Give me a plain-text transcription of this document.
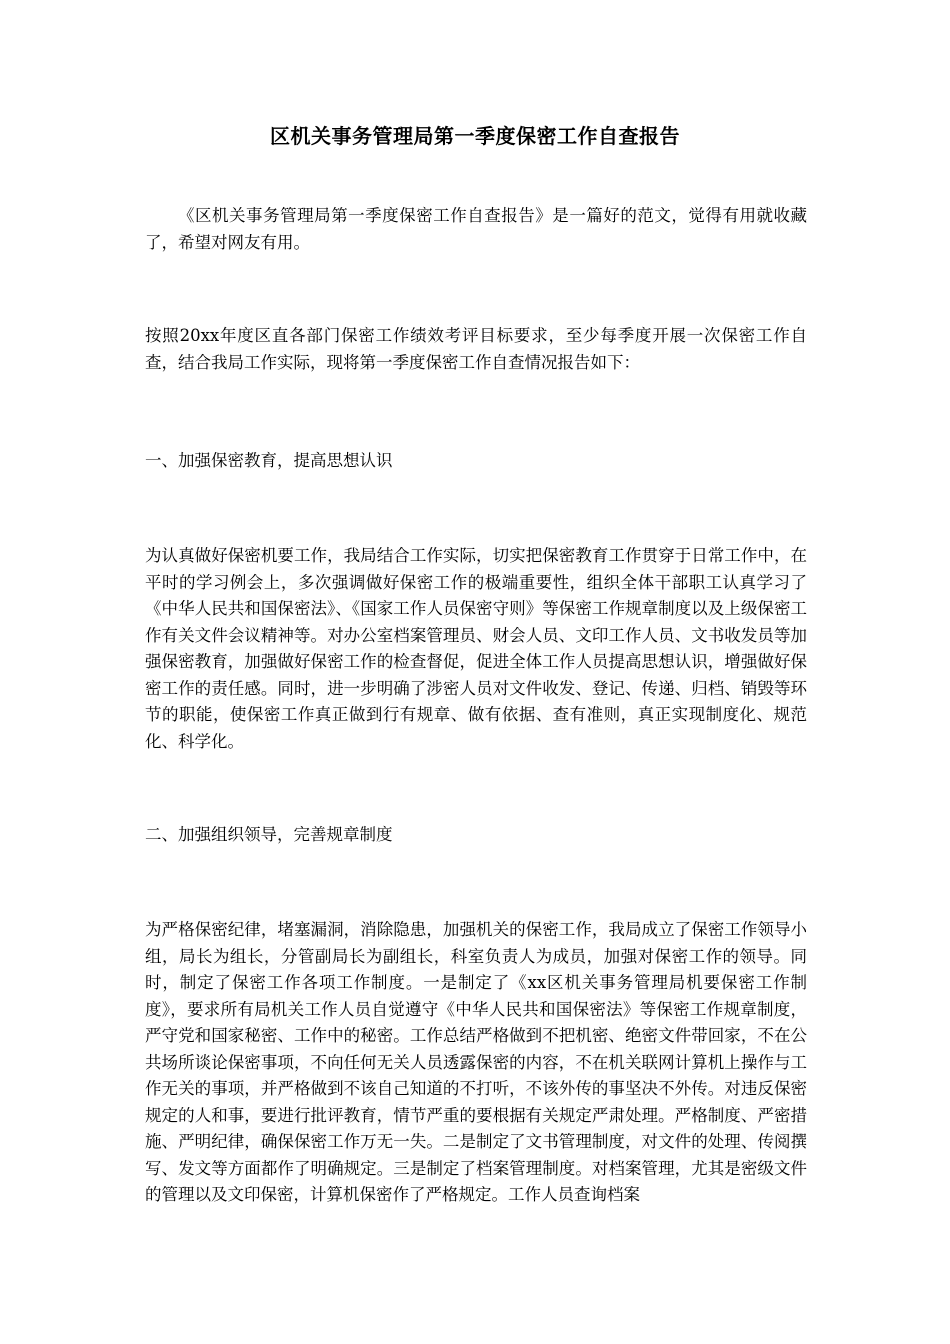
区机关事务管理局第一季度保密工作自查报告

《区机关事务管理局第一季度保密工作自查报告》是一篇好的范文，觉得有用就收藏了，希望对网友有用。

按照20xx年度区直各部门保密工作绩效考评目标要求，至少每季度开展一次保密工作自查，结合我局工作实际，现将第一季度保密工作自查情况报告如下：

一、加强保密教育，提高思想认识

为认真做好保密机要工作，我局结合工作实际，切实把保密教育工作贯穿于日常工作中，在平时的学习例会上，多次强调做好保密工作的极端重要性，组织全体干部职工认真学习了《中华人民共和国保密法》、《国家工作人员保密守则》等保密工作规章制度以及上级保密工作有关文件会议精神等。对办公室档案管理员、财会人员、文印工作人员、文书收发员等加强保密教育，加强做好保密工作的检查督促，促进全体工作人员提高思想认识，增强做好保密工作的责任感。同时，进一步明确了涉密人员对文件收发、登记、传递、归档、销毁等环节的职能，使保密工作真正做到行有规章、做有依据、查有准则，真正实现制度化、规范化、科学化。

二、加强组织领导，完善规章制度

为严格保密纪律，堵塞漏洞，消除隐患，加强机关的保密工作，我局成立了保密工作领导小组，局长为组长，分管副局长为副组长，科室负责人为成员，加强对保密工作的领导。同时，制定了保密工作各项工作制度。一是制定了《xx区机关事务管理局机要保密工作制度》，要求所有局机关工作人员自觉遵守《中华人民共和国保密法》等保密工作规章制度，严守党和国家秘密、工作中的秘密。工作总结严格做到不把机密、绝密文件带回家，不在公共场所谈论保密事项，不向任何无关人员透露保密的内容，不在机关联网计算机上操作与工作无关的事项，并严格做到不该自己知道的不打听，不该外传的事坚决不外传。对违反保密规定的人和事，要进行批评教育，情节严重的要根据有关规定严肃处理。严格制度、严密措施、严明纪律，确保保密工作万无一失。二是制定了文书管理制度，对文件的处理、传阅撰写、发文等方面都作了明确规定。三是制定了档案管理制度。对档案管理，尤其是密级文件的管理以及文印保密，计算机保密作了严格规定。工作人员查询档案
